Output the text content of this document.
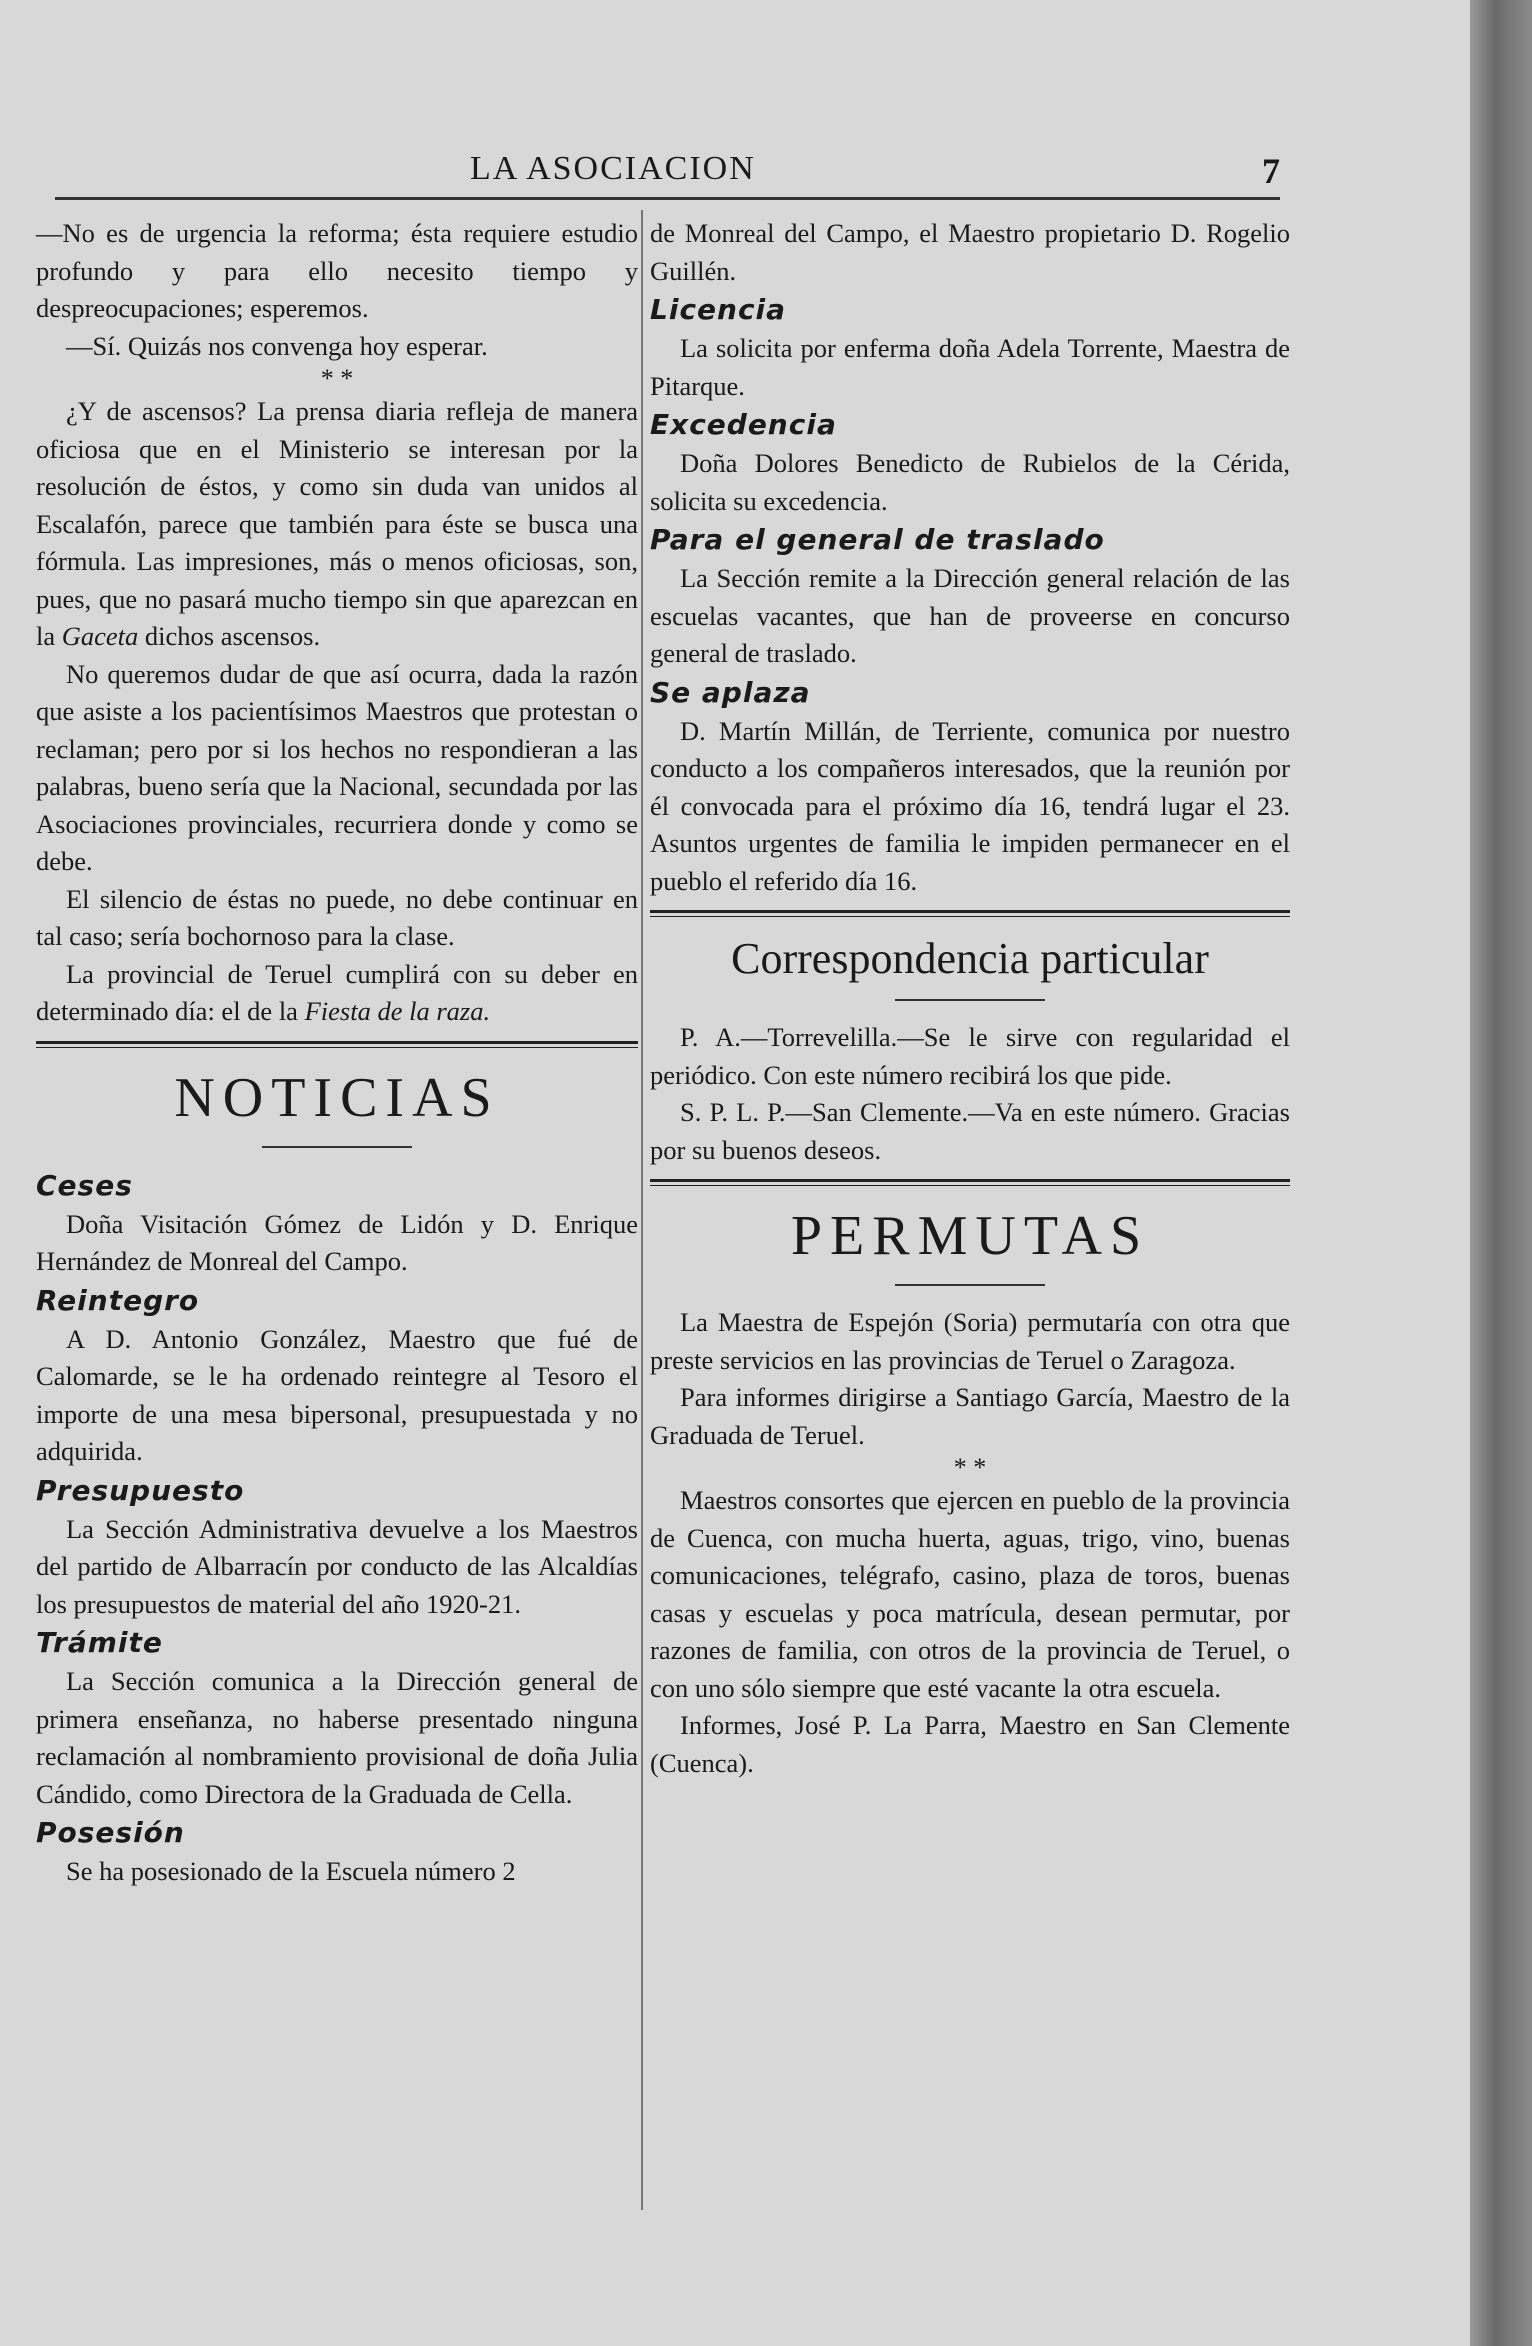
LA ASOCIACION	7

—No es de urgencia la reforma; ésta requiere estudio profundo y para ello necesito tiempo y despreocupaciones; esperemos.

—Sí. Quizás nos convenga hoy esperar.

* *

¿Y de ascensos? La prensa diaria refleja de manera oficiosa que en el Ministerio se interesan por la resolución de éstos, y como sin duda van unidos al Escalafón, parece que también para éste se busca una fórmula. Las impresiones, más o menos oficiosas, son, pues, que no pasará mucho tiempo sin que aparezcan en la Gaceta dichos ascensos.

No queremos dudar de que así ocurra, dada la razón que asiste a los pacientísimos Maestros que protestan o reclaman; pero por si los hechos no respondieran a las palabras, bueno sería que la Nacional, secundada por las Asociaciones provinciales, recurriera donde y como se debe.

El silencio de éstas no puede, no debe continuar en tal caso; sería bochornoso para la clase.

La provincial de Teruel cumplirá con su deber en determinado día: el de la Fiesta de la raza.

NOTICIAS
Ceses

Doña Visitación Gómez de Lidón y D. Enrique Hernández de Monreal del Campo.

Reintegro

A D. Antonio González, Maestro que fué de Calomarde, se le ha ordenado reintegre al Tesoro el importe de una mesa bipersonal, presupuestada y no adquirida.

Presupuesto

La Sección Administrativa devuelve a los Maestros del partido de Albarracín por conducto de las Alcaldías los presupuestos de material del año 1920-21.

Trámite

La Sección comunica a la Dirección general de primera enseñanza, no haberse presentado ninguna reclamación al nombramiento provisional de doña Julia Cándido, como Directora de la Graduada de Cella.

Posesión

Se ha posesionado de la Escuela número 2

de Monreal del Campo, el Maestro propietario D. Rogelio Guillén.

Licencia

La solicita por enferma doña Adela Torrente, Maestra de Pitarque.

Excedencia

Doña Dolores Benedicto de Rubielos de la Cérida, solicita su excedencia.

Para el general de traslado

La Sección remite a la Dirección general relación de las escuelas vacantes, que han de proveerse en concurso general de traslado.

Se aplaza

D. Martín Millán, de Terriente, comunica por nuestro conducto a los compañeros interesados, que la reunión por él convocada para el próximo día 16, tendrá lugar el 23. Asuntos urgentes de familia le impiden permanecer en el pueblo el referido día 16.

Correspondencia particular

P. A.—Torrevelilla.—Se le sirve con regularidad el periódico. Con este número recibirá los que pide.

S. P. L. P.—San Clemente.—Va en este número. Gracias por su buenos deseos.

PERMUTAS

La Maestra de Espejón (Soria) permutaría con otra que preste servicios en las provincias de Teruel o Zaragoza.

Para informes dirigirse a Santiago García, Maestro de la Graduada de Teruel.

* *

Maestros consortes que ejercen en pueblo de la provincia de Cuenca, con mucha huerta, aguas, trigo, vino, buenas comunicaciones, telégrafo, casino, plaza de toros, buenas casas y escuelas y poca matrícula, desean permutar, por razones de familia, con otros de la provincia de Teruel, o con uno sólo siempre que esté vacante la otra escuela.

Informes, José P. La Parra, Maestro en San Clemente (Cuenca).
